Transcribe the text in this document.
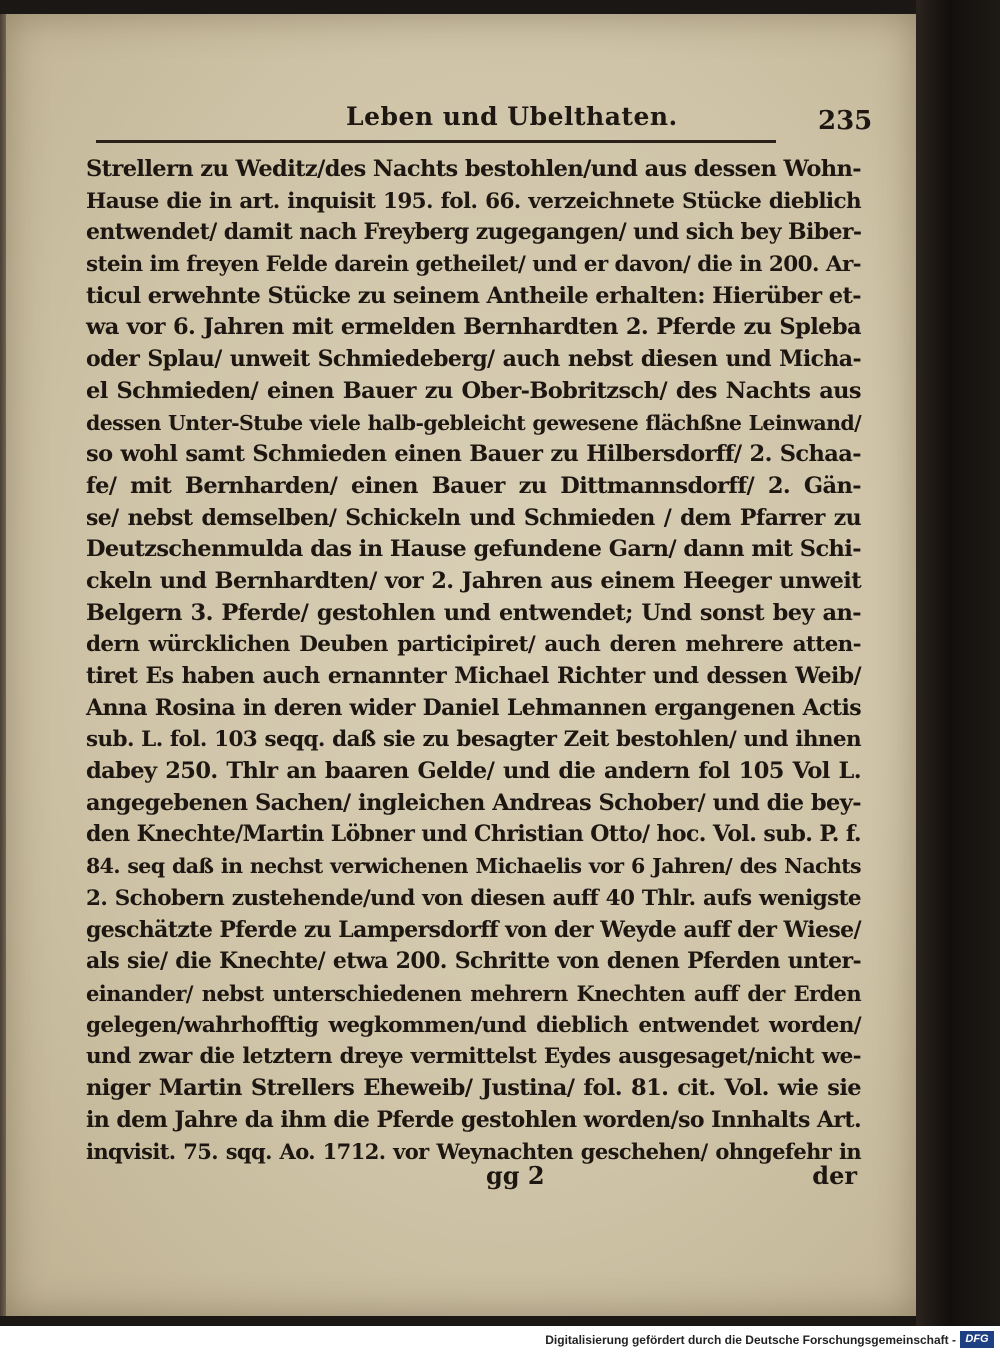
Leben und Ubelthaten.	235
Strellern zu Weditz/des Nachts bestohlen/und aus dessen Wohn-
Hause die in art. inquisit 195. fol. 66. verzeichnete Stücke dieblich
entwendet/ damit nach Freyberg zugegangen/ und sich bey Biber-
stein im freyen Felde darein getheilet/ und er davon/ die in 200. Ar-
ticul erwehnte Stücke zu seinem Antheile erhalten: Hierüber et-
wa vor 6. Jahren mit ermelden Bernhardten 2. Pferde zu Spleba
oder Splau/ unweit Schmiedeberg/ auch nebst diesen und Micha-
el Schmieden/ einen Bauer zu Ober-Bobritzsch/ des Nachts aus
dessen Unter-Stube viele halb-gebleicht gewesene flächßne Leinwand/
so wohl samt Schmieden einen Bauer zu Hilbersdorff/ 2. Schaa-
fe/ mit Bernharden/ einen Bauer zu Dittmannsdorff/ 2. Gän-
se/ nebst demselben/ Schickeln und Schmieden / dem Pfarrer zu
Deutzschenmulda das in Hause gefundene Garn/ dann mit Schi-
ckeln und Bernhardten/ vor 2. Jahren aus einem Heeger unweit
Belgern 3. Pferde/ gestohlen und entwendet; Und sonst bey an-
dern würcklichen Deuben participiret/ auch deren mehrere atten-
tiret Es haben auch ernannter Michael Richter und dessen Weib/
Anna Rosina in deren wider Daniel Lehmannen ergangenen Actis
sub. L. fol. 103 seqq. daß sie zu besagter Zeit bestohlen/ und ihnen
dabey 250. Thlr an baaren Gelde/ und die andern fol 105 Vol L.
angegebenen Sachen/ ingleichen Andreas Schober/ und die bey-
den Knechte/Martin Löbner und Christian Otto/ hoc. Vol. sub. P. f.
84. seq daß in nechst verwichenen Michaelis vor 6 Jahren/ des Nachts
2. Schobern zustehende/und von diesen auff 40 Thlr. aufs wenigste
geschätzte Pferde zu Lampersdorff von der Weyde auff der Wiese/
als sie/ die Knechte/ etwa 200. Schritte von denen Pferden unter-
einander/ nebst unterschiedenen mehrern Knechten auff der Erden
gelegen/wahrhofftig wegkommen/und dieblich entwendet worden/
und zwar die letztern dreye vermittelst Eydes ausgesaget/nicht we-
niger Martin Strellers Eheweib/ Justina/ fol. 81. cit. Vol. wie sie
in dem Jahre da ihm die Pferde gestohlen worden/so Innhalts Art.
inqvisit. 75. sqq. Ao. 1712. vor Weynachten geschehen/ ohngefehr in
gg 2	der
Digitalisierung gefördert durch die Deutsche Forschungsgemeinschaft - DFG
